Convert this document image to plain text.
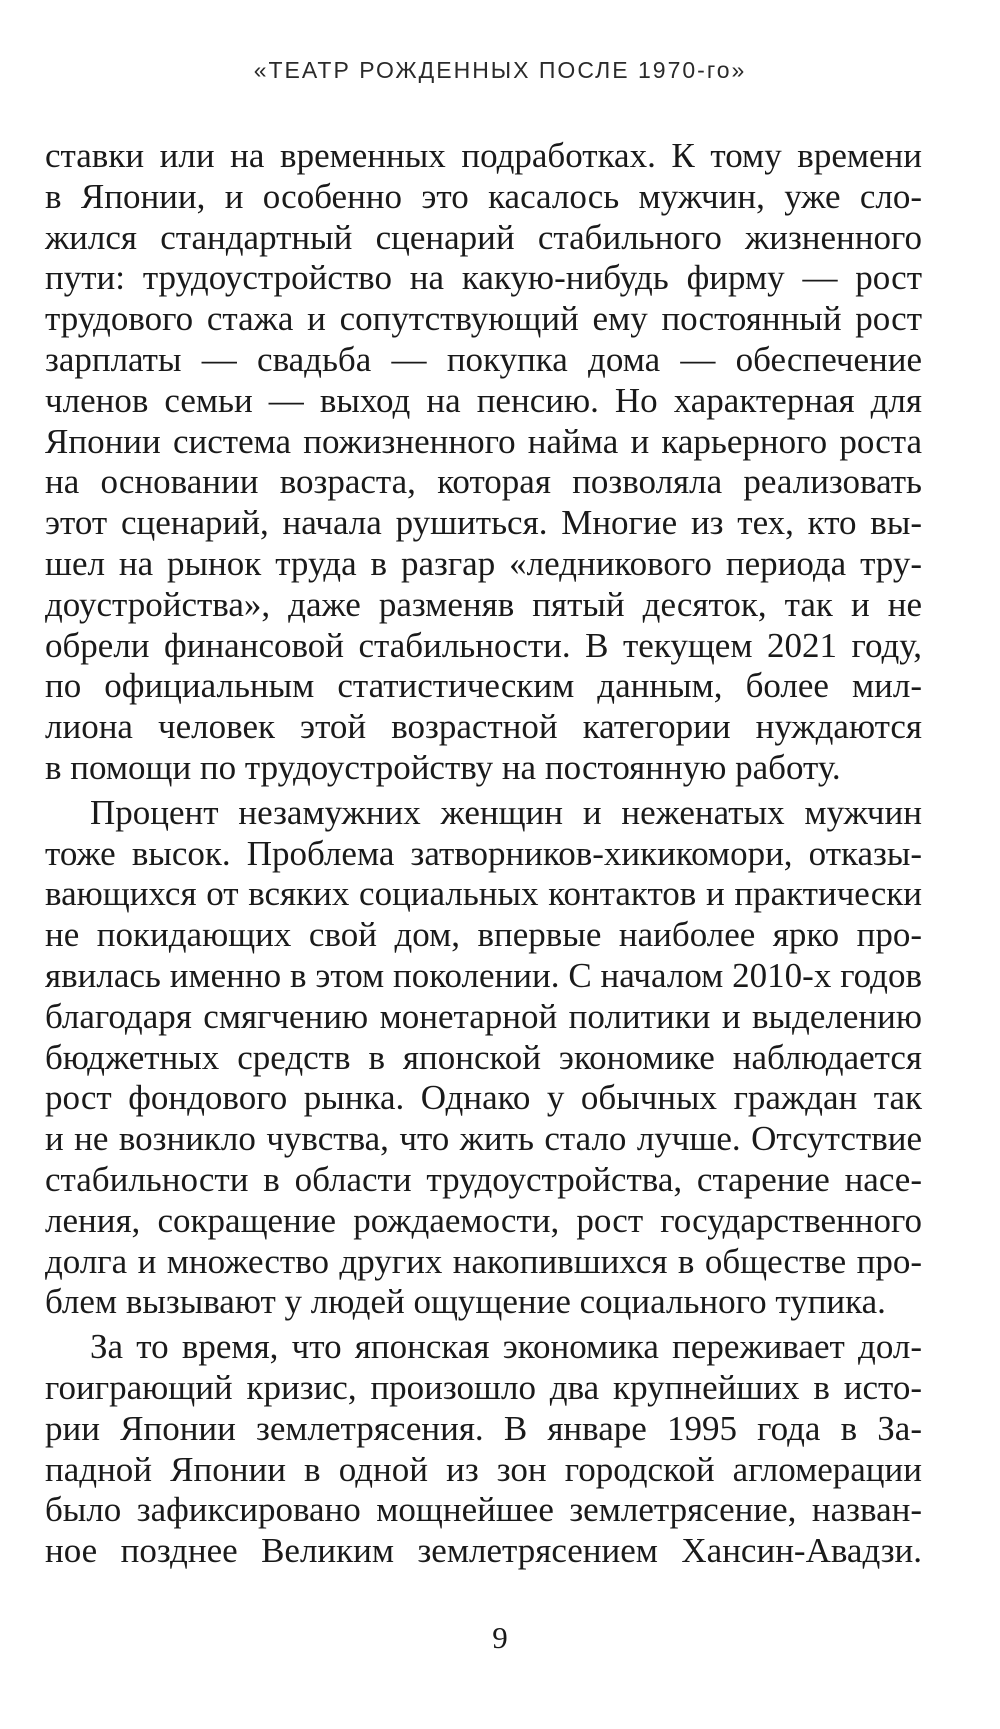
«ТЕАТР РОЖДЕННЫХ ПОСЛЕ 1970-го»

ставки или на временных подработках. К тому времени
в Японии, и особенно это касалось мужчин, уже сло-
жился стандартный сценарий стабильного жизненного
пути: трудоустройство на какую-нибудь фирму — рост
трудового стажа и сопутствующий ему постоянный рост
зарплаты — свадьба — покупка дома — обеспечение
членов семьи — выход на пенсию. Но характерная для
Японии система пожизненного найма и карьерного роста
на основании возраста, которая позволяла реализовать
этот сценарий, начала рушиться. Многие из тех, кто вы-
шел на рынок труда в разгар «ледникового периода тру-
доустройства», даже разменяв пятый десяток, так и не
обрели финансовой стабильности. В текущем 2021 году,
по официальным статистическим данным, более мил-
лиона человек этой возрастной категории нуждаются
в помощи по трудоустройству на постоянную работу.

Процент незамужних женщин и неженатых мужчин
тоже высок. Проблема затворников-хикикомори, отказы-
вающихся от всяких социальных контактов и практически
не покидающих свой дом, впервые наиболее ярко про-
явилась именно в этом поколении. С началом 2010-х годов
благодаря смягчению монетарной политики и выделению
бюджетных средств в японской экономике наблюдается
рост фондового рынка. Однако у обычных граждан так
и не возникло чувства, что жить стало лучше. Отсутствие
стабильности в области трудоустройства, старение насе-
ления, сокращение рождаемости, рост государственного
долга и множество других накопившихся в обществе про-
блем вызывают у людей ощущение социального тупика.

За то время, что японская экономика переживает дол-
гоиграющий кризис, произошло два крупнейших в исто-
рии Японии землетрясения. В январе 1995 года в За-
падной Японии в одной из зон городской агломерации
было зафиксировано мощнейшее землетрясение, назван-
ное позднее Великим землетрясением Хансин-Авадзи.

9
